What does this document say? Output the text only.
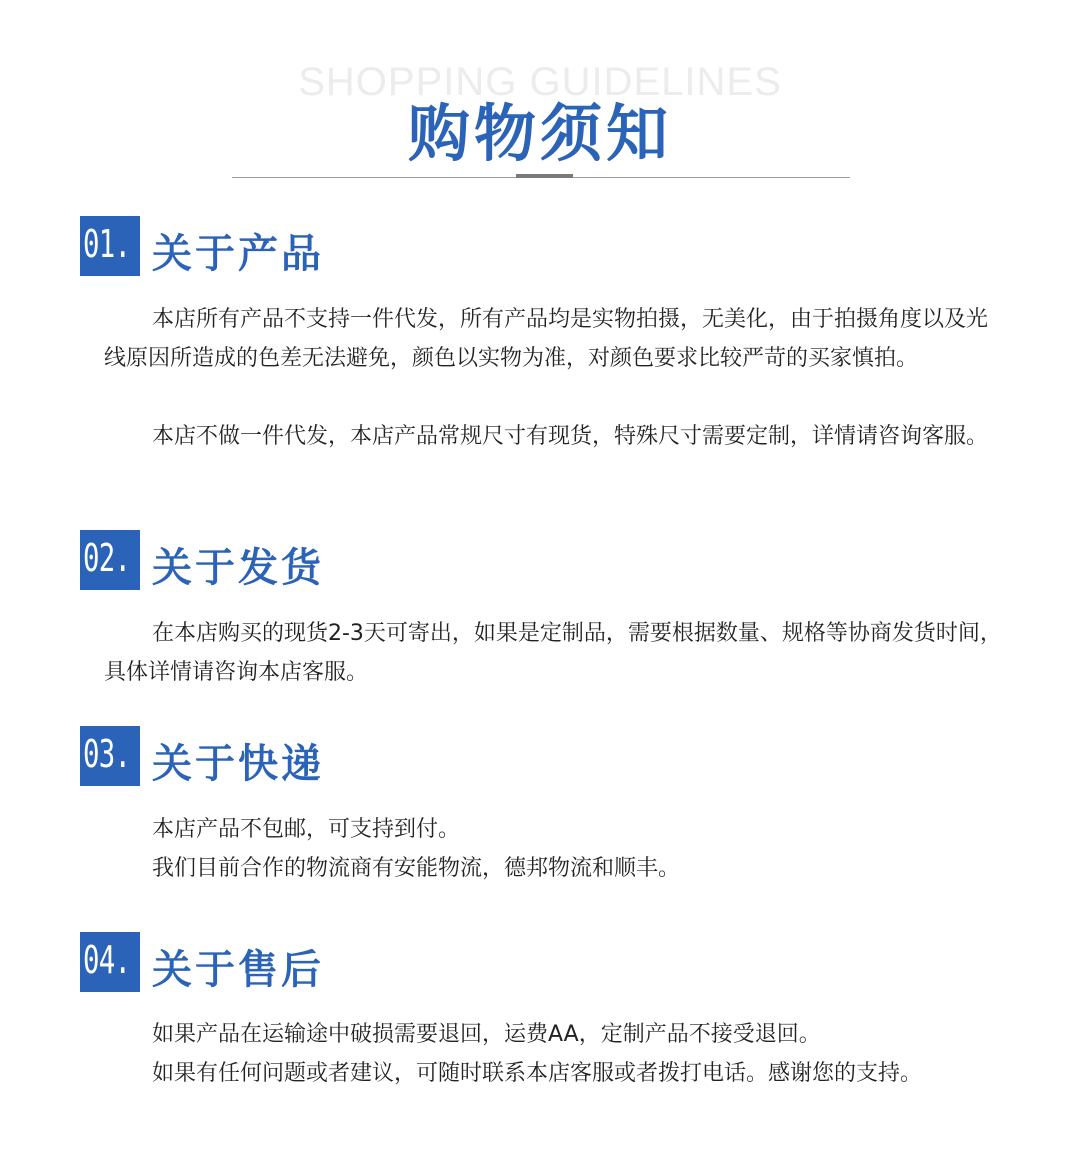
SHOPPING GUIDELINES
购物须知
01. 关于产品

本店所有产品不支持一件代发，所有产品均是实物拍摄，无美化，由于拍摄角度以及光线原因所造成的色差无法避免，颜色以实物为准，对颜色要求比较严苛的买家慎拍。

本店不做一件代发，本店产品常规尺寸有现货，特殊尺寸需要定制，详情请咨询客服。

02. 关于发货

在本店购买的现货2-3天可寄出，如果是定制品，需要根据数量、规格等协商发货时间，具体详情请咨询本店客服。

03. 关于快递

本店产品不包邮，可支持到付。

我们目前合作的物流商有安能物流，德邦物流和顺丰。

04. 关于售后

如果产品在运输途中破损需要退回，运费AA，定制产品不接受退回。

如果有任何问题或者建议，可随时联系本店客服或者拨打电话。感谢您的支持。
